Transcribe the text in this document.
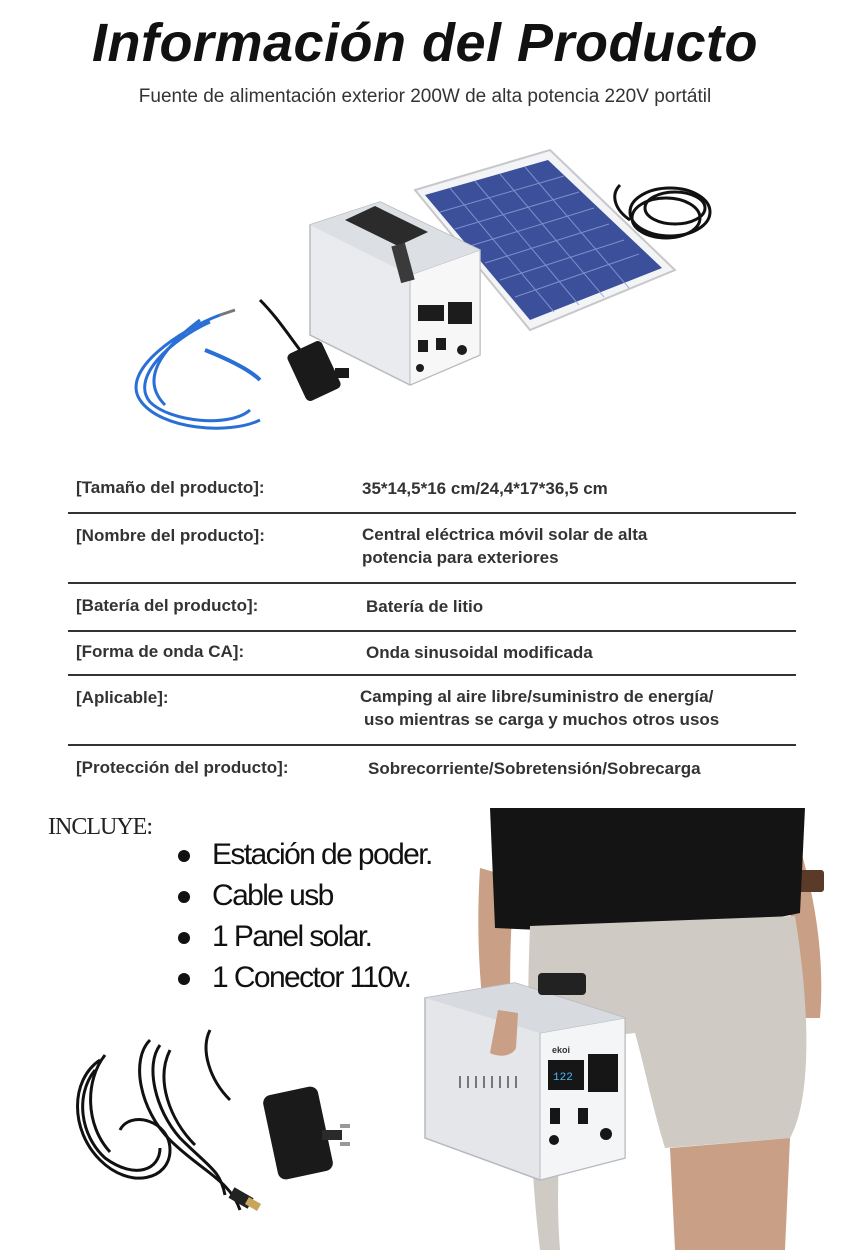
Información del Producto
Fuente de alimentación exterior 200W de alta potencia 220V portátil
[Tamaño del producto]:	35*14,5*16 cm/24,4*17*36,5 cm
[Nombre del producto]:	Central eléctrica móvil solar de alta
potencia para exteriores
[Batería del producto]:	Batería de litio
[Forma de onda CA]:	Onda sinusoidal modificada
[Aplicable]:	Camping al aire libre/suministro de energía/
uso mientras se carga y muchos otros usos
[Protección del producto]:	Sobrecorriente/Sobretensión/Sobrecarga
INCLUYE:
Estación de poder.
Cable usb
1 Panel solar.
1 Conector 110v.
ekoi
122
